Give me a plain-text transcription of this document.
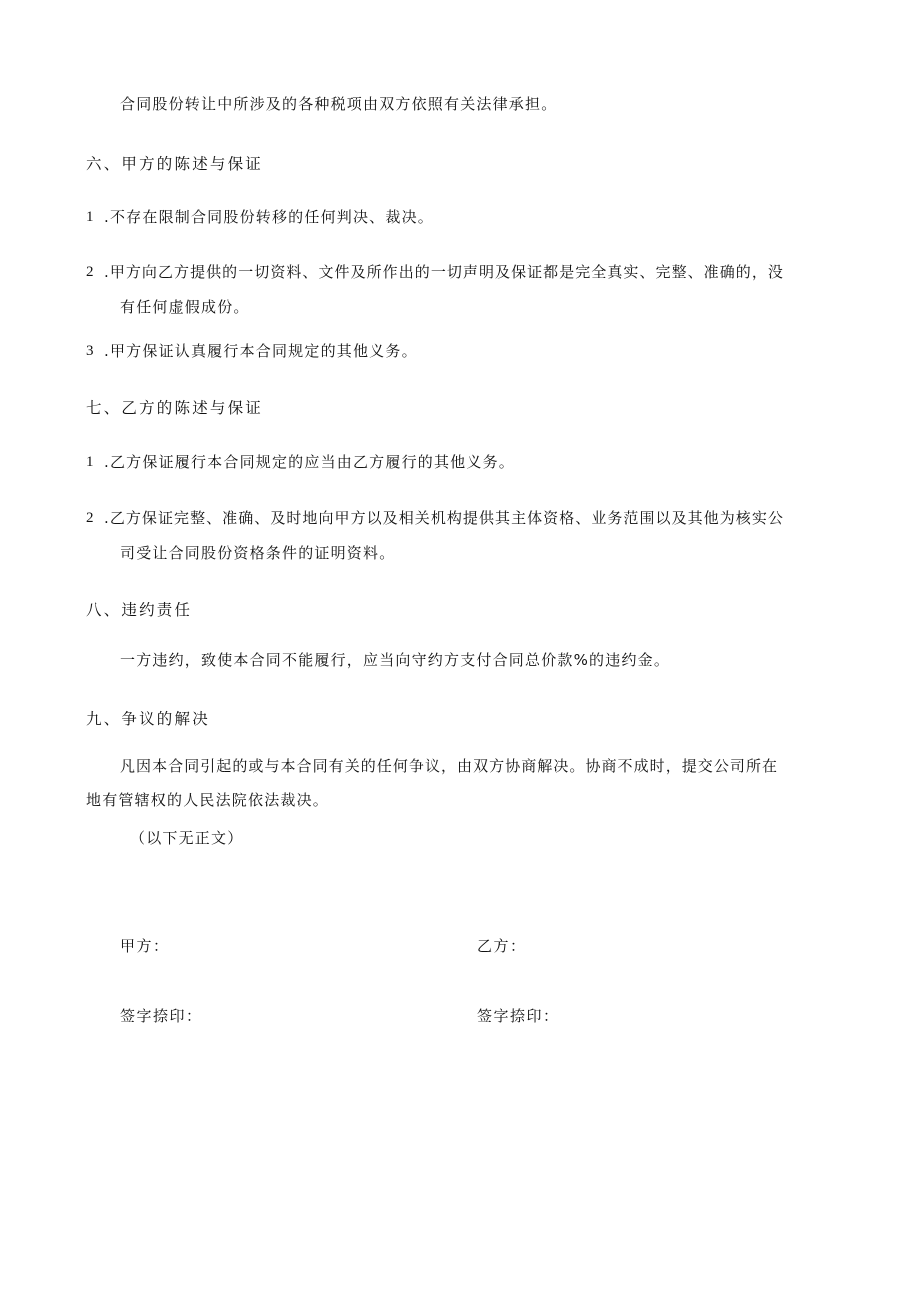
合同股份转让中所涉及的各种税项由双方依照有关法律承担。
六、甲方的陈述与保证
1 .不存在限制合同股份转移的任何判决、裁决。
2 .甲方向乙方提供的一切资料、文件及所作出的一切声明及保证都是完全真实、完整、准确的，没
有任何虚假成份。
3 .甲方保证认真履行本合同规定的其他义务。
七、乙方的陈述与保证
1 .乙方保证履行本合同规定的应当由乙方履行的其他义务。
2 .乙方保证完整、准确、及时地向甲方以及相关机构提供其主体资格、业务范围以及其他为核实公
司受让合同股份资格条件的证明资料。
八、违约责任
一方违约，致使本合同不能履行，应当向守约方支付合同总价款%的违约金。
九、争议的解决
凡因本合同引起的或与本合同有关的任何争议，由双方协商解决。协商不成时，提交公司所在
地有管辖权的人民法院依法裁决。
（以下无正文）
甲方：	乙方：
签字捺印：	签字捺印：
